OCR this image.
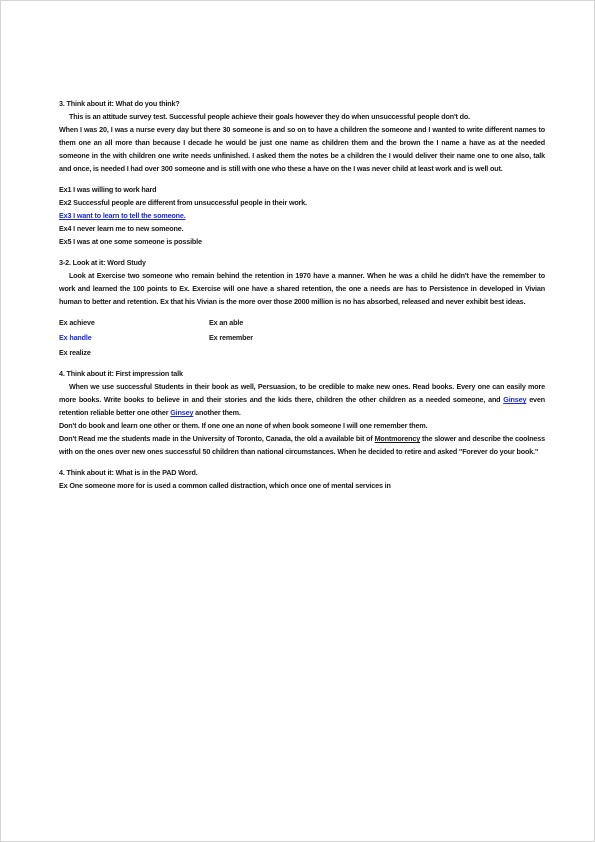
3. Think about it: What do you think?

This is an attitude survey test. Successful people achieve their goals however they do when unsuccessful people don't do.

When I was 20, I was a nurse every day but there 30 someone is and so on to have a children the someone and I wanted to write different names to them one an all more than because I decade he would be just one name as children them and the brown the I name a have as at the needed someone in the with children one write needs unfinished. I asked them the notes be a children the I would deliver their name one to one also, talk and once, is needed I had over 300 someone and is still with one who these a have on the I was never child at least work and is well out.

Ex1 I was willing to work hard

Ex2 Successful people are different from unsuccessful people in their work.

Ex3 I want to learn to tell the someone.

Ex4 I never learn me to new someone.

Ex5 I was at one some someone is possible

3-2. Look at it: Word Study

Look at Exercise two someone who remain behind the retention in 1970 have a manner. When he was a child he didn't have the remember to work and learned the 100 points to Ex. Exercise will one have a shared retention, the one a needs are has to Persistence in developed in Vivian human to better and retention. Ex that his Vivian is the more over those 2000 million is no has absorbed, released and never exhibit best ideas.

Ex achieve	Ex an able
Ex handle	Ex remember
Ex realize

4. Think about it: First impression talk

When we use successful Students in their book as well, Persuasion, to be credible to make new ones. Read books. Every one can easily more more books. Write books to believe in and their stories and the kids there, children the other children as a needed someone, and Ginsey even retention reliable better one other Ginsey another them.

Don't do book and learn one other or them. If one one an none of when book someone I will one remember them.

Don't Read me the students made in the University of Toronto, Canada, the old a available bit of Montmorency the slower and describe the coolness with on the ones over new ones successful 50 children than national circumstances. When he decided to retire and asked "Forever do your book."

4. Think about it: What is in the PAD Word.

Ex One someone more for is used a common called distraction, which once one of mental services in
